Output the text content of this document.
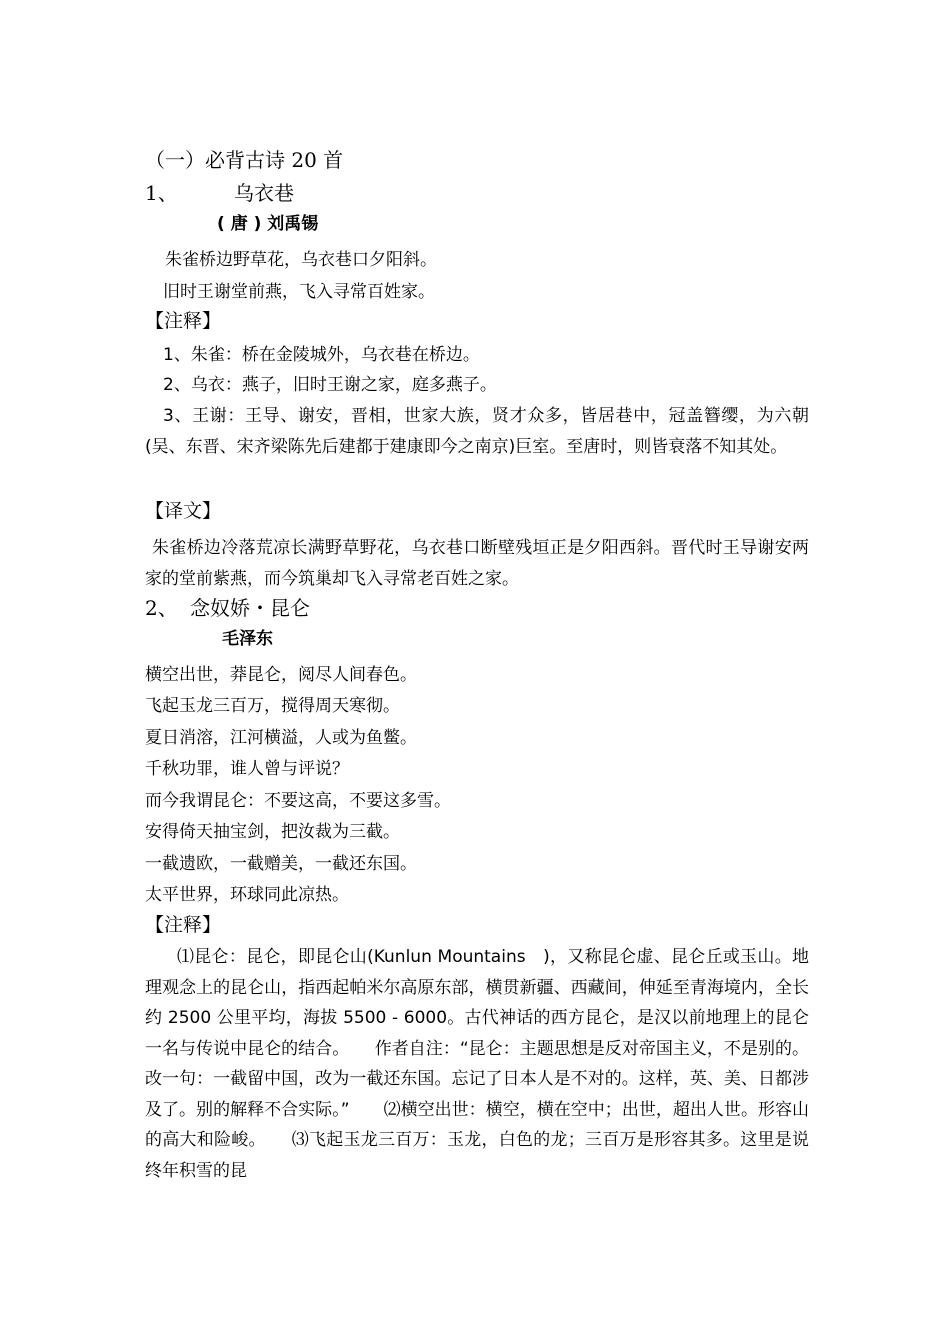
（一）必背古诗 20 首
1、	乌衣巷
( 唐 ) 刘禹锡
朱雀桥边野草花，乌衣巷口夕阳斜。
旧时王谢堂前燕，飞入寻常百姓家。
【注释】
1、朱雀：桥在金陵城外，乌衣巷在桥边。
2、乌衣：燕子，旧时王谢之家，庭多燕子。
3、王谢：王导、谢安，晋相，世家大族，贤才众多，皆居巷中，冠盖簪缨，为六朝(吴、东晋、宋齐梁陈先后建都于建康即今之南京)巨室。至唐时，则皆衰落不知其处。
【译文】
朱雀桥边冷落荒凉长满野草野花，乌衣巷口断壁残垣正是夕阳西斜。晋代时王导谢安两家的堂前紫燕，而今筑巢却飞入寻常老百姓之家。
2、 念奴娇・昆仑
毛泽东
横空出世，莽昆仑，阅尽人间春色。
飞起玉龙三百万，搅得周天寒彻。
夏日消溶，江河横溢，人或为鱼鳖。
千秋功罪，谁人曾与评说？
而今我谓昆仑：不要这高，不要这多雪。
安得倚天抽宝剑，把汝裁为三截。
一截遗欧，一截赠美，一截还东国。
太平世界，环球同此凉热。
【注释】
⑴昆仑：昆仑，即昆仑山(Kunlun Mountains　)，又称昆仑虚、昆仑丘或玉山。地理观念上的昆仑山，指西起帕米尔高原东部，横贯新疆、西藏间，伸延至青海境内，全长约 2500 公里平均，海拔 5500 - 6000。古代神话的西方昆仑，是汉以前地理上的昆仑一名与传说中昆仑的结合。　　作者自注：“昆仑：主题思想是反对帝国主义，不是别的。改一句：一截留中国，改为一截还东国。忘记了日本人是不对的。这样，英、美、日都涉及了。别的解释不合实际。”　　⑵横空出世：横空，横在空中；出世，超出人世。形容山的高大和险峻。　　⑶飞起玉龙三百万：玉龙，白色的龙；三百万是形容其多。这里是说终年积雪的昆
